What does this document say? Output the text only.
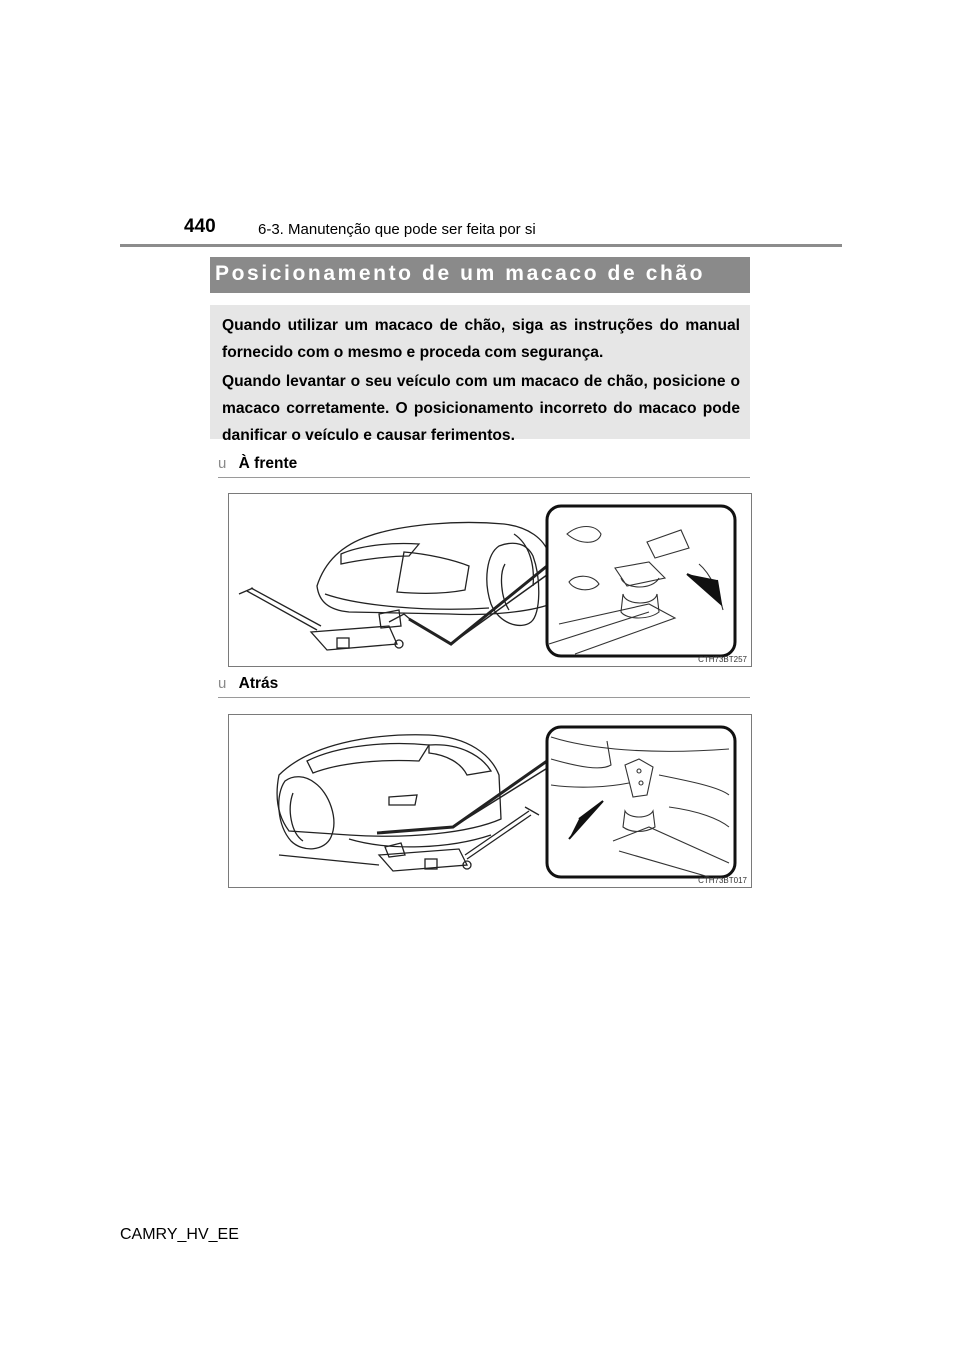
440	6-3. Manutenção que pode ser feita por si
Posicionamento de um macaco de chão
Quando utilizar um macaco de chão, siga as instruções do manual fornecido com o mesmo e proceda com segurança.
Quando levantar o seu veículo com um macaco de chão, posicione o macaco corretamente. O posicionamento incorreto do macaco pode danificar o veículo e causar ferimentos.
u À frente
CTH73BT257
u Atrás
CTH73BT017
CAMRY_HV_EE
